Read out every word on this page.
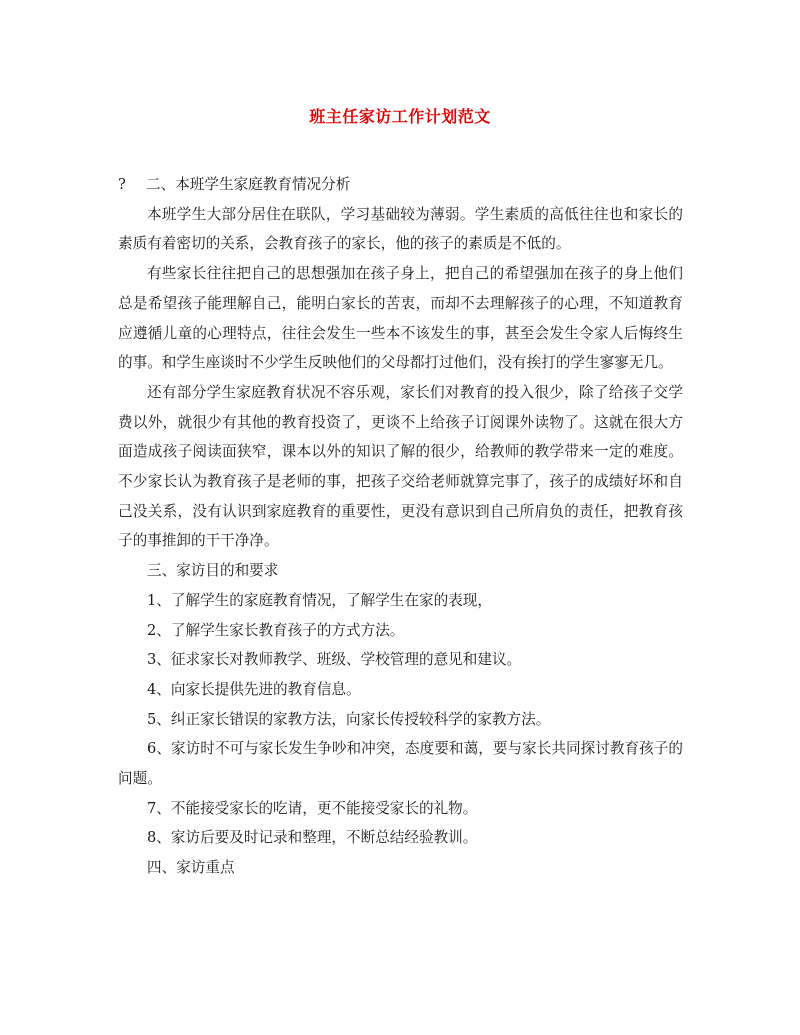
班主任家访工作计划范文

? 二、本班学生家庭教育情况分析

本班学生大部分居住在联队，学习基础较为薄弱。学生素质的高低往往也和家长的素质有着密切的关系，会教育孩子的家长，他的孩子的素质是不低的。

有些家长往往把自己的思想强加在孩子身上，把自己的希望强加在孩子的身上他们总是希望孩子能理解自己，能明白家长的苦衷，而却不去理解孩子的心理，不知道教育应遵循儿童的心理特点，往往会发生一些本不该发生的事，甚至会发生令家人后悔终生的事。和学生座谈时不少学生反映他们的父母都打过他们，没有挨打的学生寥寥无几。

还有部分学生家庭教育状况不容乐观，家长们对教育的投入很少，除了给孩子交学费以外，就很少有其他的教育投资了，更谈不上给孩子订阅课外读物了。这就在很大方面造成孩子阅读面狭窄，课本以外的知识了解的很少，给教师的教学带来一定的难度。不少家长认为教育孩子是老师的事，把孩子交给老师就算完事了，孩子的成绩好坏和自己没关系，没有认识到家庭教育的重要性，更没有意识到自己所肩负的责任，把教育孩子的事推卸的干干净净。

三、家访目的和要求

1、了解学生的家庭教育情况，了解学生在家的表现，

2、了解学生家长教育孩子的方式方法。

3、征求家长对教师教学、班级、学校管理的意见和建议。

4、向家长提供先进的教育信息。

5、纠正家长错误的家教方法，向家长传授较科学的家教方法。

6、家访时不可与家长发生争吵和冲突，态度要和蔼，要与家长共同探讨教育孩子的问题。

7、不能接受家长的吃请，更不能接受家长的礼物。

8、家访后要及时记录和整理，不断总结经验教训。

四、家访重点
